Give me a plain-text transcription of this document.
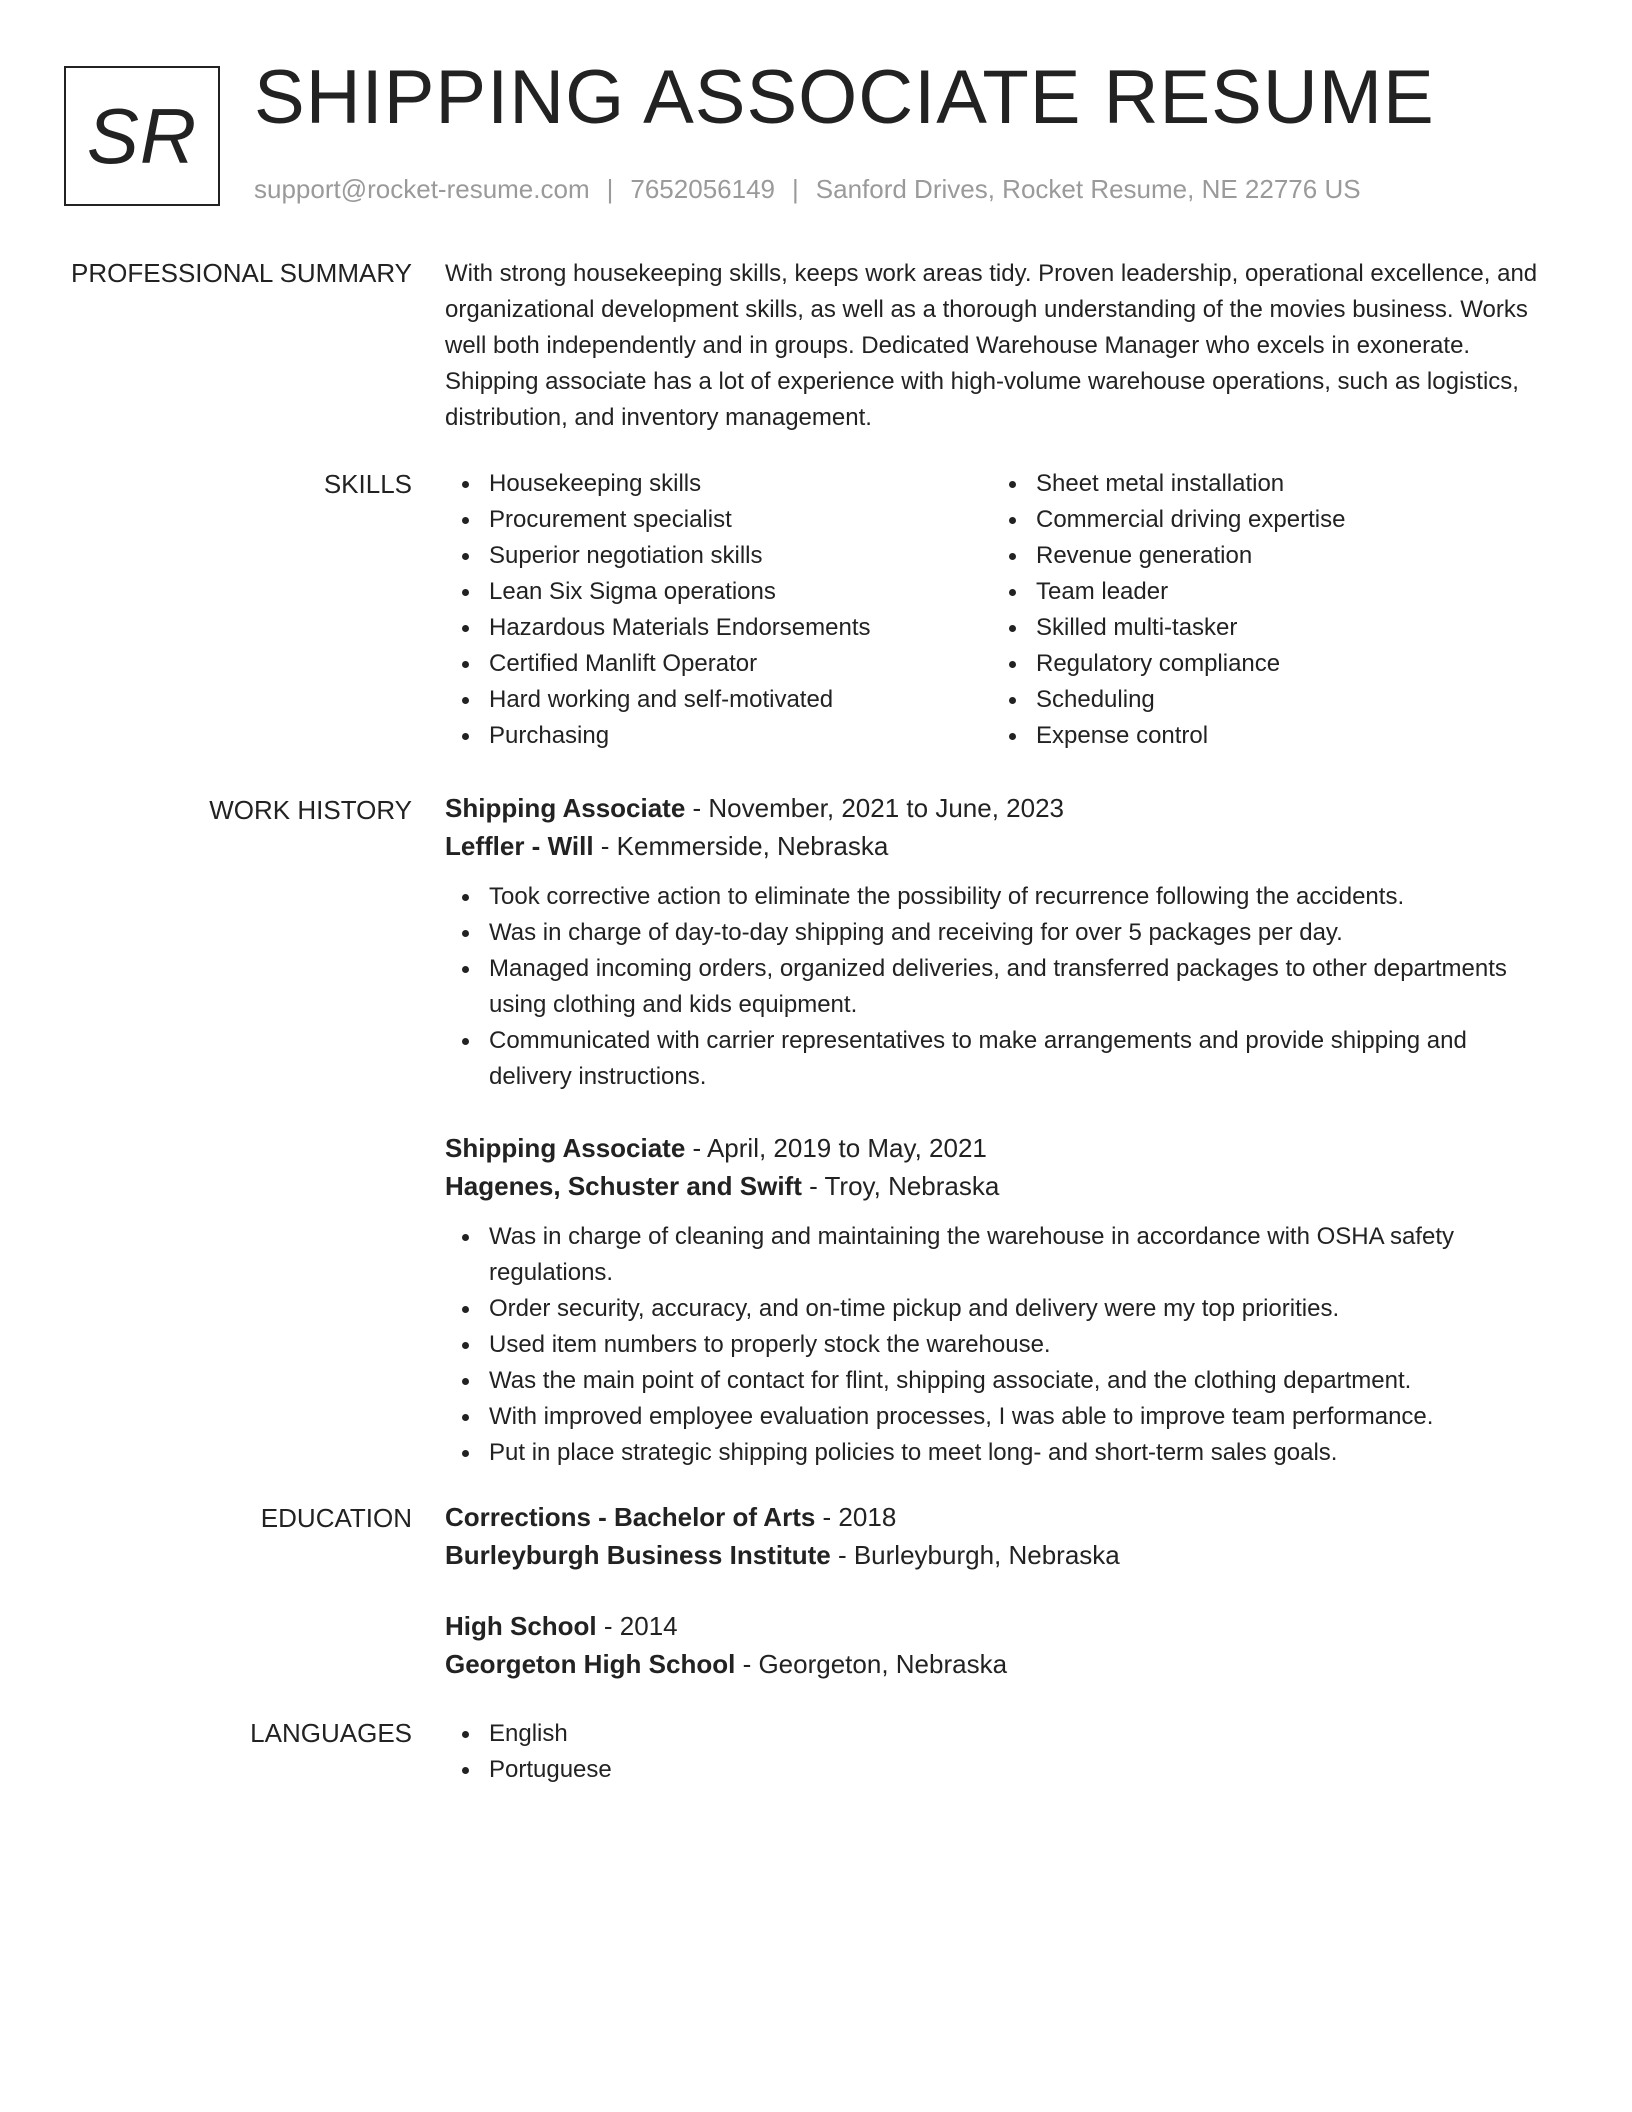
SR SHIPPING ASSOCIATE RESUME
support@rocket-resume.com | 7652056149 | Sanford Drives, Rocket Resume, NE 22776 US
PROFESSIONAL SUMMARY With strong housekeeping skills, keeps work areas tidy. Proven leadership, operational excellence, and organizational development skills, as well as a thorough understanding of the movies business. Works well both independently and in groups. Dedicated Warehouse Manager who excels in exonerate. Shipping associate has a lot of experience with high-volume warehouse operations, such as logistics, distribution, and inventory management.

SKILLS	Housekeeping skills
Procurement specialist
Superior negotiation skills
Lean Six Sigma operations
Hazardous Materials Endorsements
Certified Manlift Operator
Hard working and self-motivated
Purchasing
Sheet metal installation
Commercial driving expertise
Revenue generation
Team leader
Skilled multi-tasker
Regulatory compliance
Scheduling
Expense control
WORK HISTORY Shipping Associate - November, 2021 to June, 2023
Leffler - Will - Kemmerside, Nebraska
Took corrective action to eliminate the possibility of recurrence following the accidents.
Was in charge of day-to-day shipping and receiving for over 5 packages per day.
Managed incoming orders, organized deliveries, and transferred packages to other departments using clothing and kids equipment.
Communicated with carrier representatives to make arrangements and provide shipping and delivery instructions.
Shipping Associate - April, 2019 to May, 2021
Hagenes, Schuster and Swift - Troy, Nebraska
Was in charge of cleaning and maintaining the warehouse in accordance with OSHA safety regulations.
Order security, accuracy, and on-time pickup and delivery were my top priorities.
Used item numbers to properly stock the warehouse.
Was the main point of contact for flint, shipping associate, and the clothing department.
With improved employee evaluation processes, I was able to improve team performance.
Put in place strategic shipping policies to meet long- and short-term sales goals.
EDUCATION Corrections - Bachelor of Arts - 2018
Burleyburgh Business Institute - Burleyburgh, Nebraska
High School - 2014
Georgeton High School - Georgeton, Nebraska
LANGUAGES	English
Portuguese
